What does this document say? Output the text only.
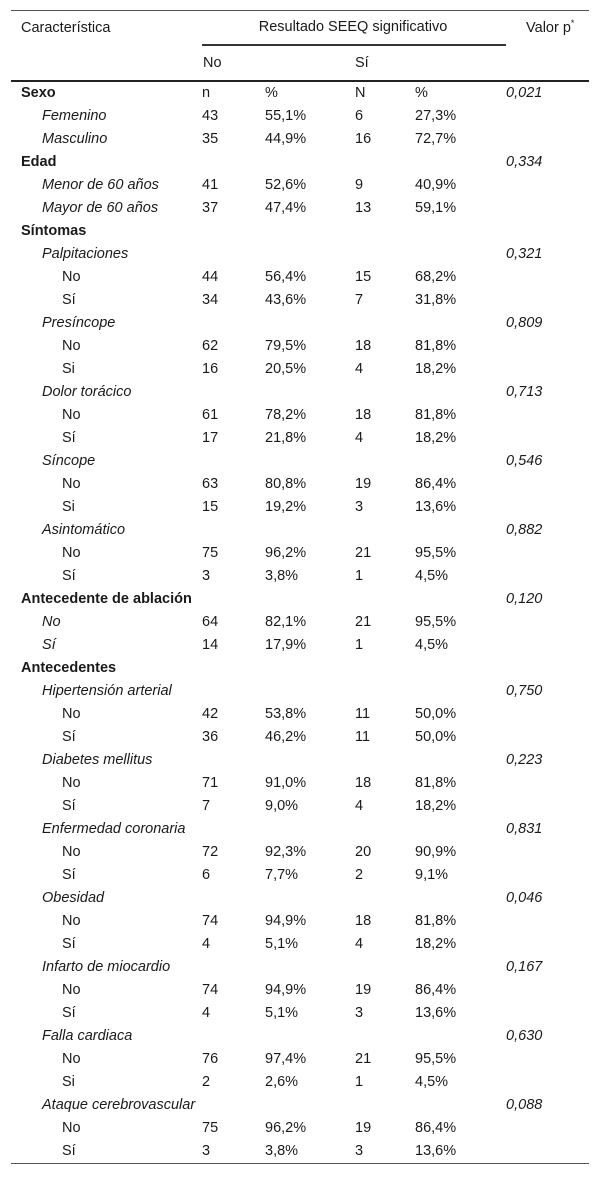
Característica	Resultado SEEQ significativo				Valor p*
	No		Sí		
Sexo	n	%	N	%	0,021
Femenino	43	55,1%	6	27,3%	
Masculino	35	44,9%	16	72,7%	
Edad					0,334
Menor de 60 años	41	52,6%	9	40,9%	
Mayor de 60 años	37	47,4%	13	59,1%	
Síntomas					
Palpitaciones					0,321
No	44	56,4%	15	68,2%	
Sí	34	43,6%	7	31,8%	
Presíncope					0,809
No	62	79,5%	18	81,8%	
Si	16	20,5%	4	18,2%	
Dolor torácico					0,713
No	61	78,2%	18	81,8%	
Sí	17	21,8%	4	18,2%	
Síncope					0,546
No	63	80,8%	19	86,4%	
Si	15	19,2%	3	13,6%	
Asintomático					0,882
No	75	96,2%	21	95,5%	
Sí	3	3,8%	1	4,5%	
Antecedente de ablación					0,120
No	64	82,1%	21	95,5%	
Sí	14	17,9%	1	4,5%	
Antecedentes					
Hipertensión arterial					0,750
No	42	53,8%	11	50,0%	
Sí	36	46,2%	11	50,0%	
Diabetes mellitus					0,223
No	71	91,0%	18	81,8%	
Sí	7	9,0%	4	18,2%	
Enfermedad coronaria					0,831
No	72	92,3%	20	90,9%	
Sí	6	7,7%	2	9,1%	
Obesidad					0,046
No	74	94,9%	18	81,8%	
Sí	4	5,1%	4	18,2%	
Infarto de miocardio					0,167
No	74	94,9%	19	86,4%	
Sí	4	5,1%	3	13,6%	
Falla cardiaca					0,630
No	76	97,4%	21	95,5%	
Si	2	2,6%	1	4,5%	
Ataque cerebrovascular					0,088
No	75	96,2%	19	86,4%	
Sí	3	3,8%	3	13,6%	
